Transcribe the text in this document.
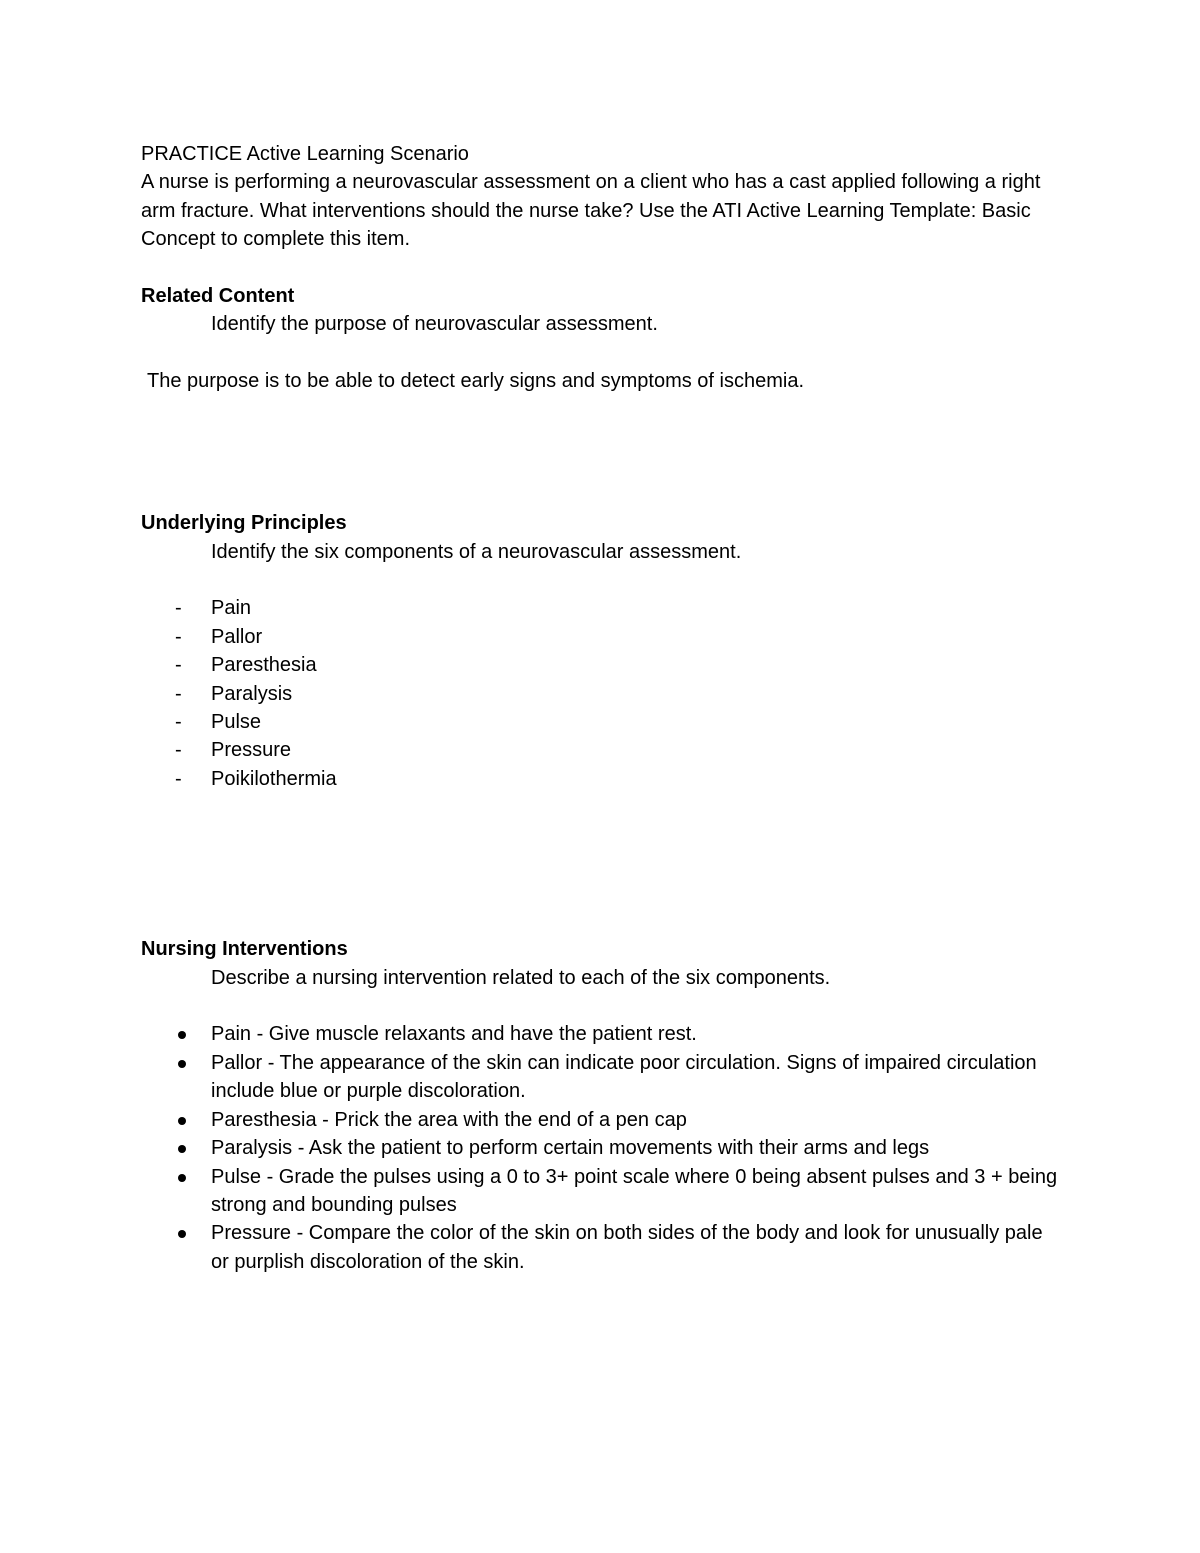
PRACTICE Active Learning Scenario

A nurse is performing a neurovascular assessment on a client who has a cast applied following a right arm fracture. What interventions should the nurse take? Use the ATI Active Learning Template: Basic Concept to complete this item.

Related Content

Identify the purpose of neurovascular assessment.

The purpose is to be able to detect early signs and symptoms of ischemia.

Underlying Principles

Identify the six components of a neurovascular assessment.

- Pain
- Pallor
- Paresthesia
- Paralysis
- Pulse
- Pressure
- Poikilothermia

Nursing Interventions

Describe a nursing intervention related to each of the six components.

Pain - Give muscle relaxants and have the patient rest.
Pallor - The appearance of the skin can indicate poor circulation. Signs of impaired circulation include blue or purple discoloration.
Paresthesia - Prick the area with the end of a pen cap
Paralysis - Ask the patient to perform certain movements with their arms and legs
Pulse - Grade the pulses using a 0 to 3+ point scale where 0 being absent pulses and 3 + being strong and bounding pulses
Pressure - Compare the color of the skin on both sides of the body and look for unusually pale or purplish discoloration of the skin.
